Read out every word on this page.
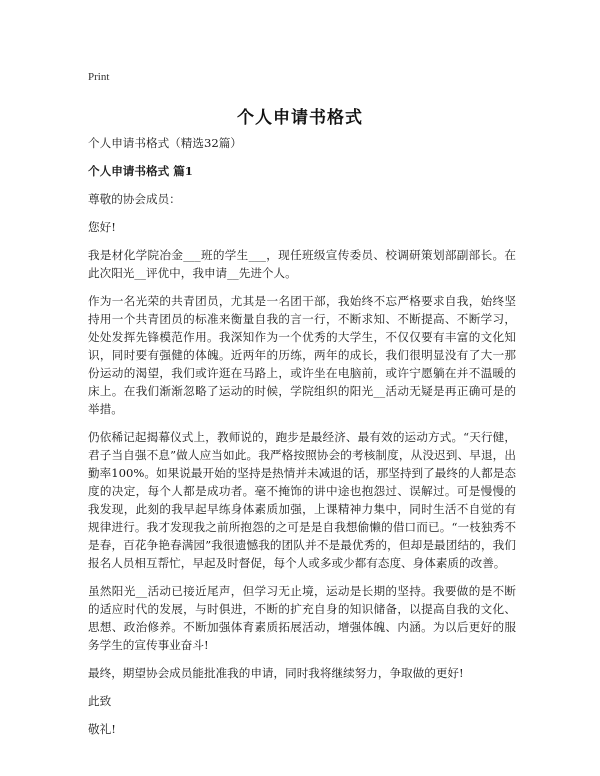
Print
个人申请书格式

个人申请书格式（精选32篇）

个人申请书格式 篇1

尊敬的协会成员：

您好!

我是材化学院冶金___班的学生___，现任班级宣传委员、校调研策划部副部长。在此次阳光__评优中，我申请__先进个人。

作为一名光荣的共青团员，尤其是一名团干部，我始终不忘严格要求自我，始终坚持用一个共青团员的标准来衡量自我的言一行，不断求知、不断提高、不断学习，处处发挥先锋模范作用。我深知作为一个优秀的大学生，不仅仅要有丰富的文化知识，同时要有强健的体魄。近两年的历练，两年的成长，我们很明显没有了大一那份运动的渴望，我们或许逛在马路上，或许坐在电脑前，或许宁愿躺在并不温暖的床上。在我们渐渐忽略了运动的时候，学院组织的阳光__活动无疑是再正确可是的举措。

仍依稀记起揭幕仪式上，教师说的，跑步是最经济、最有效的运动方式。“天行健，君子当自强不息”做人应当如此。我严格按照协会的考核制度，从没迟到、早退，出勤率100%。如果说最开始的坚持是热情并未减退的话，那坚持到了最终的人都是态度的决定，每个人都是成功者。毫不掩饰的讲中途也抱怨过、误解过。可是慢慢的我发现，此刻的我早起早练身体素质加强，上课精神力集中，同时生活不自觉的有规律进行。我才发现我之前所抱怨的之可是是自我想偷懒的借口而已。“一枝独秀不是春，百花争艳春满园”我很遗憾我的团队并不是最优秀的，但却是最团结的，我们报名人员相互帮忙，早起及时督促，每个人或多或少都有态度、身体素质的改善。

虽然阳光__活动已接近尾声，但学习无止境，运动是长期的坚持。我要做的是不断的适应时代的发展，与时俱进，不断的扩充自身的知识储备，以提高自我的文化、思想、政治修养。不断加强体育素质拓展活动，增强体魄、内涵。为以后更好的服务学生的宣传事业奋斗!

最终，期望协会成员能批准我的申请，同时我将继续努力，争取做的更好!

此致

敬礼!
